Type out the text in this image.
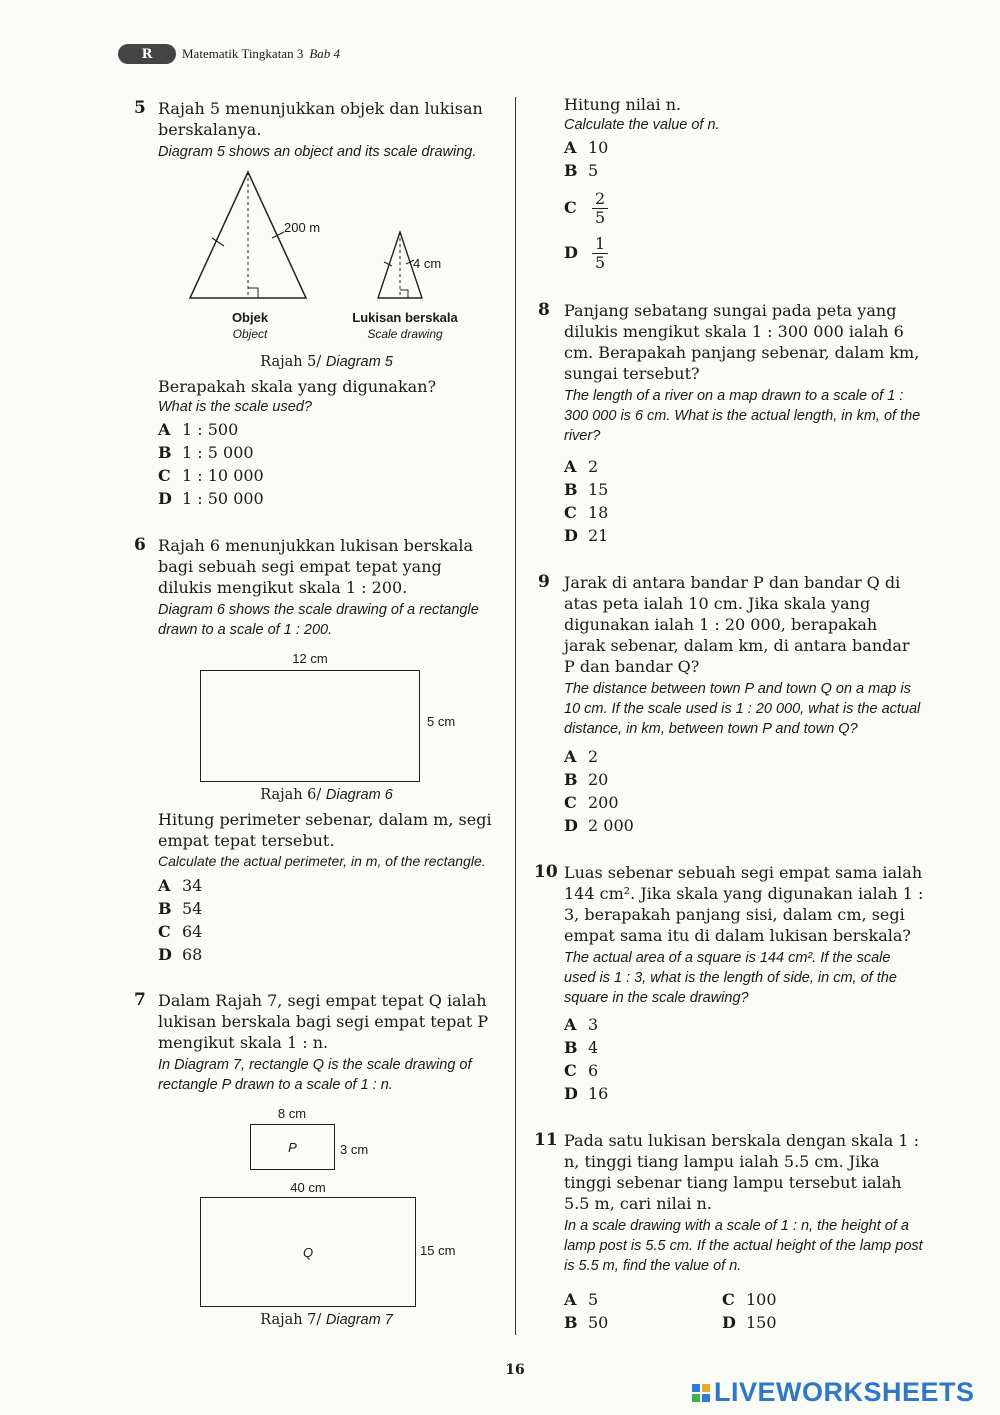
R	Matematik Tingkatan 3 Bab 4
5 Rajah 5 menunjukkan objek dan lukisan berskalanya.
Diagram 5 shows an object and its scale drawing.
200 m
4 cm
Objek
Object
Lukisan berskala
Scale drawing
Rajah 5/ Diagram 5
Berapakah skala yang digunakan?
What is the scale used?
A 1 : 500
B 1 : 5 000
C 1 : 10 000
D 1 : 50 000
6 Rajah 6 menunjukkan lukisan berskala bagi sebuah segi empat tepat yang dilukis mengikut skala 1 : 200.
Diagram 6 shows the scale drawing of a rectangle drawn to a scale of 1 : 200.
12 cm
5 cm
Rajah 6/ Diagram 6
Hitung perimeter sebenar, dalam m, segi empat tepat tersebut.
Calculate the actual perimeter, in m, of the rectangle.
A 34
B 54
C 64
D 68
7 Dalam Rajah 7, segi empat tepat Q ialah lukisan berskala bagi segi empat tepat P mengikut skala 1 : n.
In Diagram 7, rectangle Q is the scale drawing of rectangle P drawn to a scale of 1 : n.
8 cm
P	3 cm
40 cm
Q	15 cm
Rajah 7/ Diagram 7
Hitung nilai n.
Calculate the value of n.
A 10
B 5
C $\frac{2}{5}$
D $\frac{1}{5}$
8 Panjang sebatang sungai pada peta yang dilukis mengikut skala 1 : 300 000 ialah 6 cm. Berapakah panjang sebenar, dalam km, sungai tersebut?
The length of a river on a map drawn to a scale of 1 : 300 000 is 6 cm. What is the actual length, in km, of the river?
A 2
B 15
C 18
D 21
9 Jarak di antara bandar P dan bandar Q di atas peta ialah 10 cm. Jika skala yang digunakan ialah 1 : 20 000, berapakah jarak sebenar, dalam km, di antara bandar P dan bandar Q?
The distance between town P and town Q on a map is 10 cm. If the scale used is 1 : 20 000, what is the actual distance, in km, between town P and town Q?
A 2
B 20
C 200
D 2 000
10 Luas sebenar sebuah segi empat sama ialah 144 cm². Jika skala yang digunakan ialah 1 : 3, berapakah panjang sisi, dalam cm, segi empat sama itu di dalam lukisan berskala?
The actual area of a square is 144 cm². If the scale used is 1 : 3, what is the length of side, in cm, of the square in the scale drawing?
A 3
B 4
C 6
D 16
11 Pada satu lukisan berskala dengan skala 1 : n, tinggi tiang lampu ialah 5.5 cm. Jika tinggi sebenar tiang lampu tersebut ialah 5.5 m, cari nilai n.
In a scale drawing with a scale of 1 : n, the height of a lamp post is 5.5 cm. If the actual height of the lamp post is 5.5 m, find the value of n.
A 5
B 50
C 100
D 150
16
LIVEWORKSHEETS
